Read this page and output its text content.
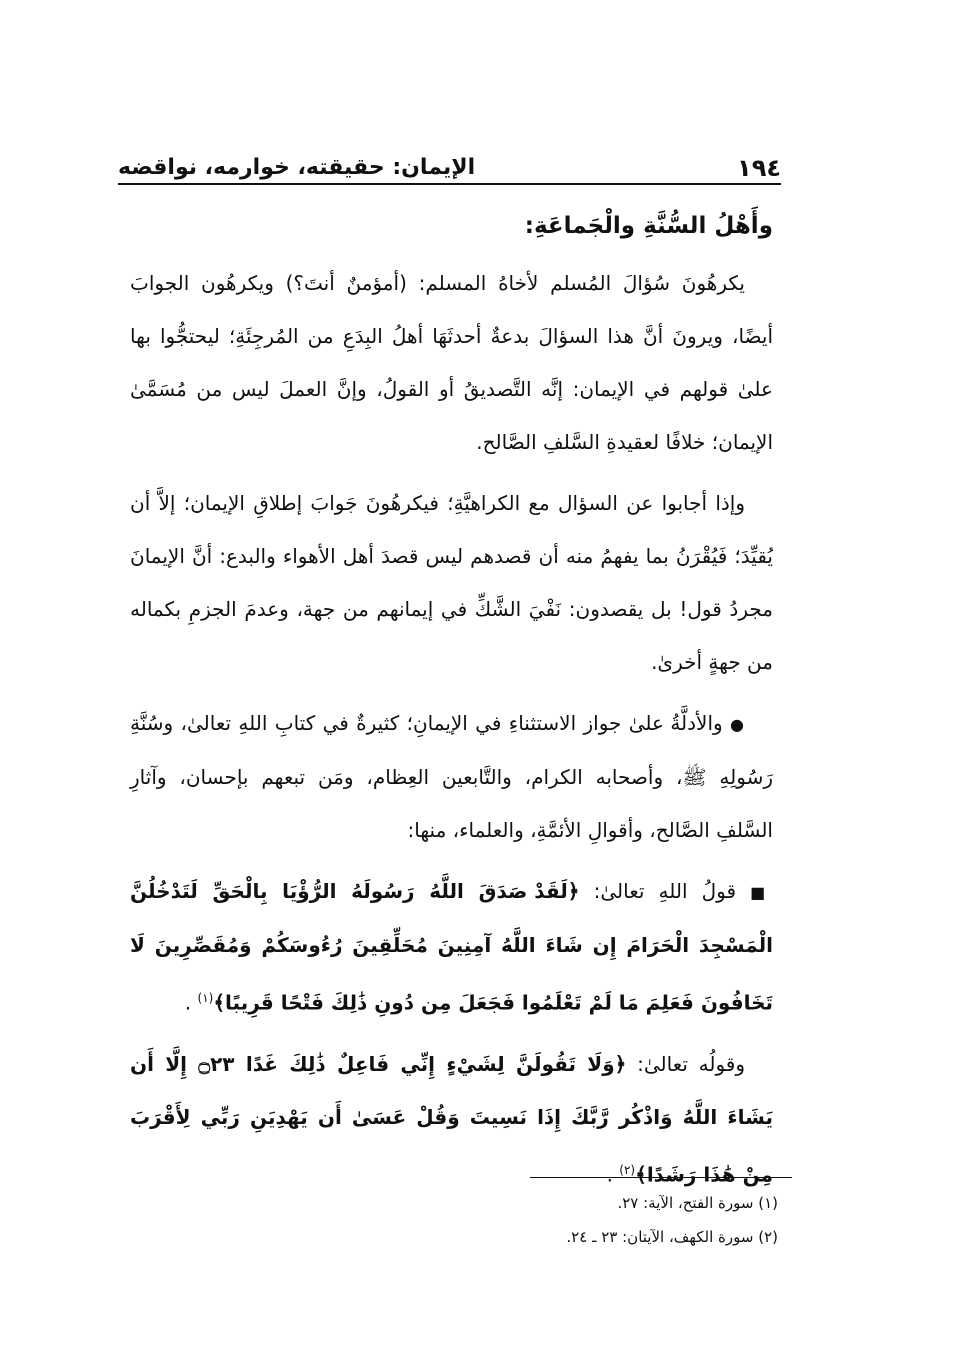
الإيمان: حقيقته، خوارمه، نواقضه	١٩٤

وأَهْلُ السُّنَّةِ والْجَماعَةِ:

يكرهُونَ سُؤالَ المُسلم لأخاهُ المسلم: (أمؤمنٌ أنتَ؟) ويكرهُون الجوابَ أيضًا، ويرونَ أنَّ هذا السؤالَ بدعةٌ أحدثَهَا أهلُ البِدَعِ من المُرجِئَةِ؛ ليحتجُّوا بها علىٰ قولهم في الإيمان: إنَّه التَّصديقُ أو القولُ، وإنَّ العملَ ليس من مُسَمَّىٰ الإيمان؛ خلافًا لعقيدةِ السَّلفِ الصَّالح.

وإذا أجابوا عن السؤال مع الكراهيَّةِ؛ فيكرهُونَ جَوابَ إطلاقِ الإيمان؛ إلاَّ أن يُقيِّدَ؛ فَيُقْرَنُ بما يفهمُ منه أن قصدهم ليس قصدَ أهل الأهواء والبدع: أنَّ الإيمانَ مجردُ قول! بل يقصدون: نَفْيَ الشَّكِّ في إيمانهم من جهة، وعدمَ الجزمِ بكماله من جهةٍ أخرىٰ.

● والأدلَّةُ علىٰ جواز الاستثناءِ في الإيمانِ؛ كثيرةٌ في كتابِ اللهِ تعالىٰ، وسُنَّةِ رَسُولِهِ ﷺ، وأصحابه الكرام، والتَّابعين العِظام، ومَن تبعهم بإحسان، وآثارِ السَّلفِ الصَّالح، وأقوالِ الأئمَّةِ، والعلماء، منها:

■ قولُ اللهِ تعالىٰ: ﴿لَقَدْ صَدَقَ اللَّهُ رَسُولَهُ الرُّؤْيَا بِالْحَقِّ لَتَدْخُلُنَّ الْمَسْجِدَ الْحَرَامَ إِن شَاءَ اللَّهُ آمِنِينَ مُحَلِّقِينَ رُءُوسَكُمْ وَمُقَصِّرِينَ لَا تَخَافُونَ فَعَلِمَ مَا لَمْ تَعْلَمُوا فَجَعَلَ مِن دُونِ ذَٰلِكَ فَتْحًا قَرِيبًا﴾$^{(١)}$ .

وقولُه تعالىٰ: ﴿وَلَا تَقُولَنَّ لِشَيْءٍ إِنِّي فَاعِلٌ ذَٰلِكَ غَدًا ۝٢٣ إِلَّا أَن يَشَاءَ اللَّهُ وَاذْكُر رَّبَّكَ إِذَا نَسِيتَ وَقُلْ عَسَىٰ أَن يَهْدِيَنِ رَبِّي لِأَقْرَبَ مِنْ هَٰذَا رَشَدًا﴾$^{(٢)}$ .

(١) سورة الفتح، الآية: ٢٧.
(٢) سورة الكهف، الآيتان: ٢٣ ـ ٢٤.
